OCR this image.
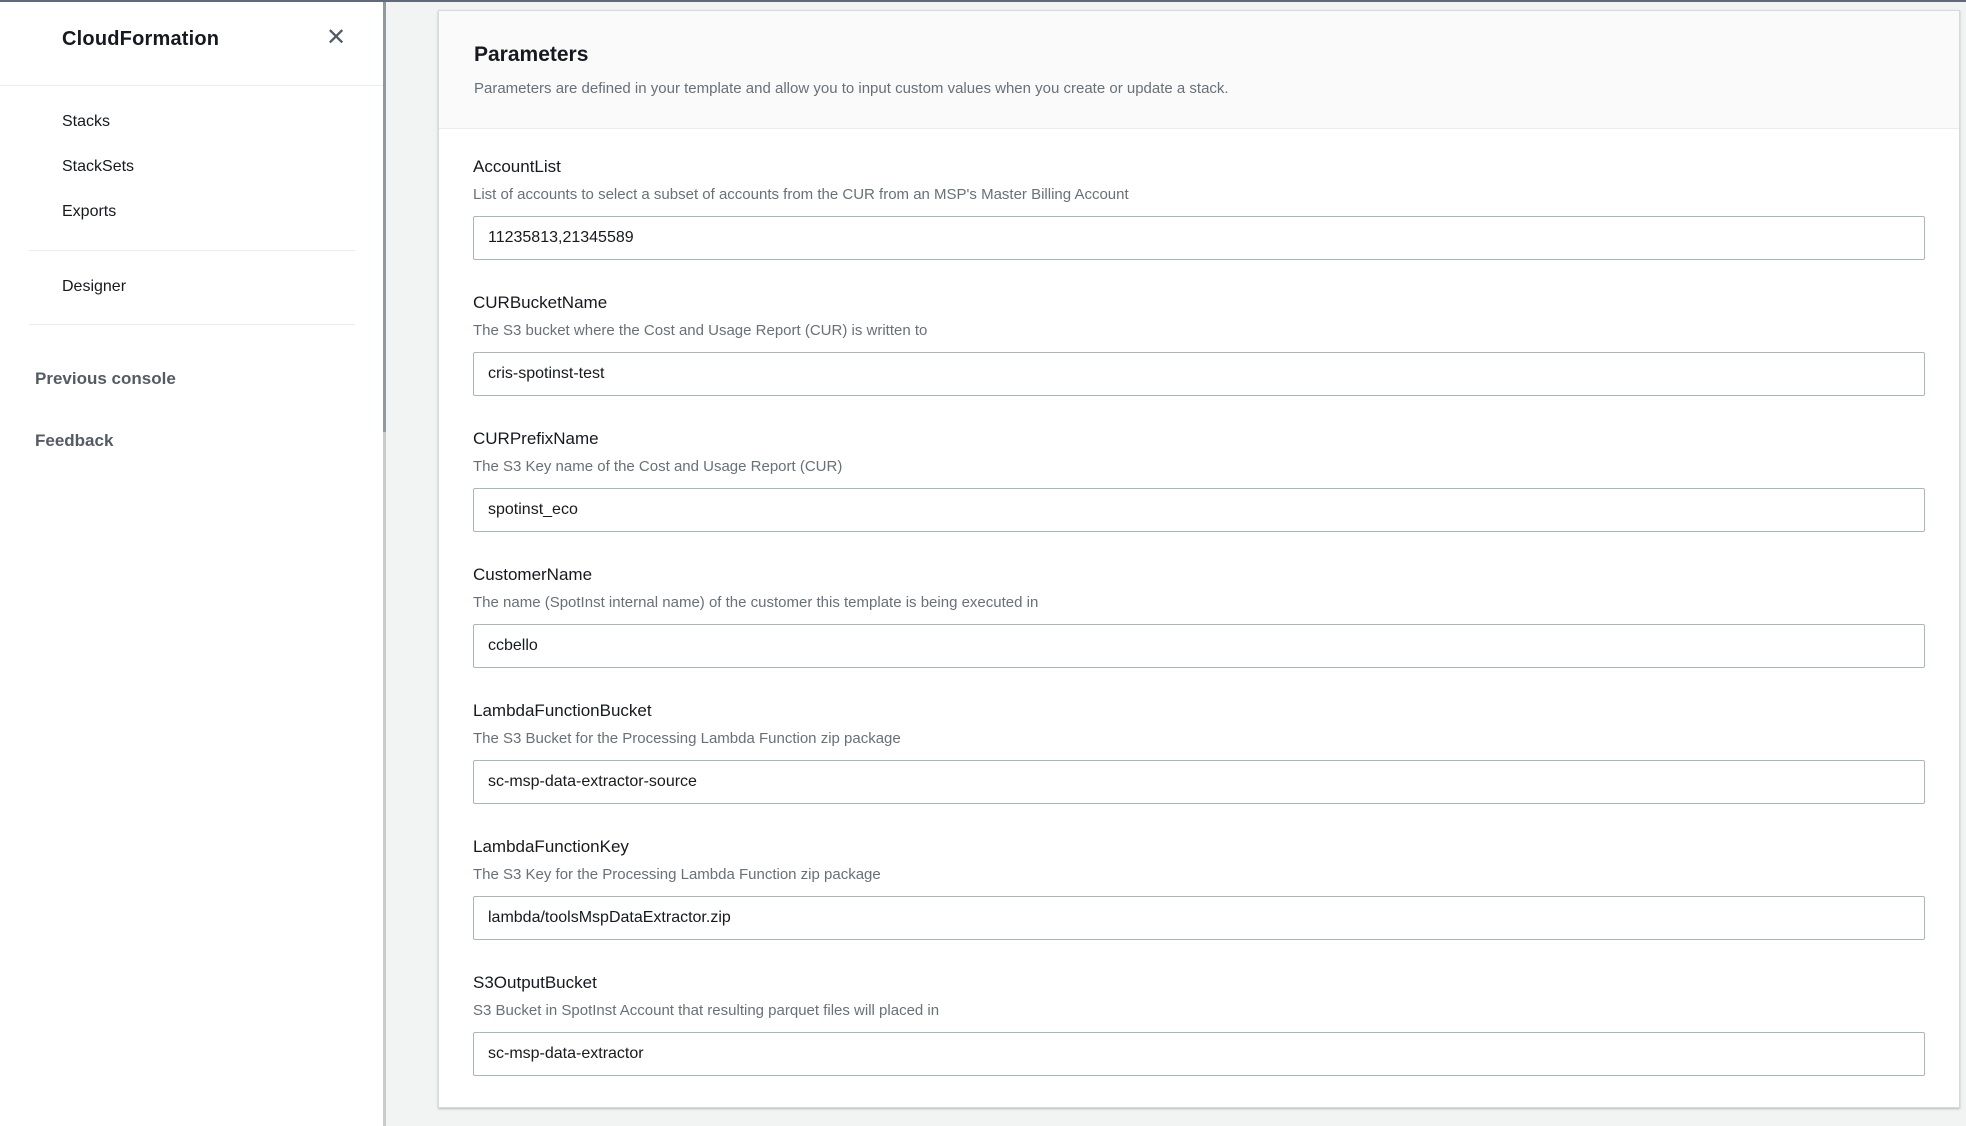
CloudFormation	✕
Stacks
StackSets
Exports
Designer
Previous console
Feedback
Parameters

Parameters are defined in your template and allow you to input custom values when you create or update a stack.

AccountList
List of accounts to select a subset of accounts from the CUR from an MSP's Master Billing Account
11235813,21345589
CURBucketName
The S3 bucket where the Cost and Usage Report (CUR) is written to
cris-spotinst-test
CURPrefixName
The S3 Key name of the Cost and Usage Report (CUR)
spotinst_eco
CustomerName
The name (SpotInst internal name) of the customer this template is being executed in
ccbello
LambdaFunctionBucket
The S3 Bucket for the Processing Lambda Function zip package
sc-msp-data-extractor-source
LambdaFunctionKey
The S3 Key for the Processing Lambda Function zip package
lambda/toolsMspDataExtractor.zip
S3OutputBucket
S3 Bucket in SpotInst Account that resulting parquet files will placed in
sc-msp-data-extractor
